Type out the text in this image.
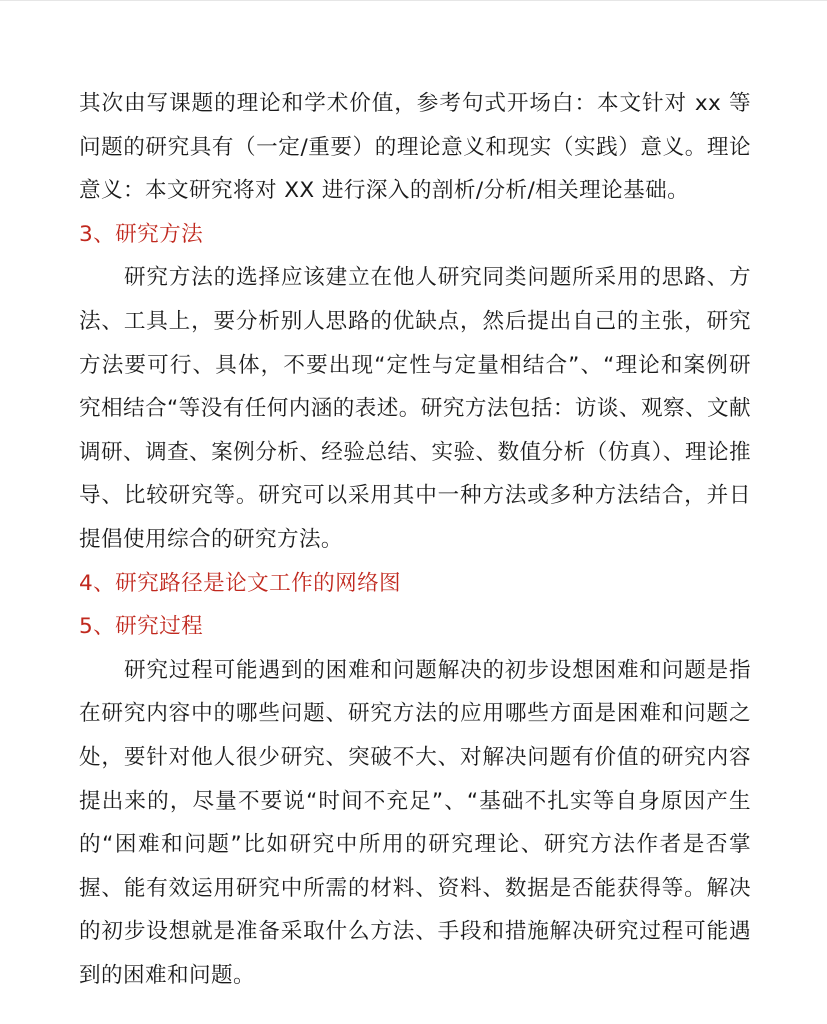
其次由写课题的理论和学术价值，参考句式开场白：本文针对 xx 等问题的研究具有（一定/重要）的理论意义和现实（实践）意义。理论意义：本文研究将对 XX 进行深入的剖析/分析/相关理论基础。

3、研究方法

研究方法的选择应该建立在他人研究同类问题所采用的思路、方法、工具上，要分析别人思路的优缺点，然后提出自己的主张，研究方法要可行、具体，不要出现“定性与定量相结合”、“理论和案例研究相结合“等没有任何内涵的表述。研究方法包括：访谈、观察、文献调研、调查、案例分析、经验总结、实验、数值分析（仿真）、理论推导、比较研究等。研究可以采用其中一种方法或多种方法结合，并日提倡使用综合的研究方法。

4、研究路径是论文工作的网络图

5、研究过程

研究过程可能遇到的困难和问题解决的初步设想困难和问题是指在研究内容中的哪些问题、研究方法的应用哪些方面是困难和问题之处，要针对他人很少研究、突破不大、对解决问题有价值的研究内容提出来的，尽量不要说“时间不充足”、“基础不扎实等自身原因产生的“困难和问题”比如研究中所用的研究理论、研究方法作者是否掌握、能有效运用研究中所需的材料、资料、数据是否能获得等。解决的初步设想就是准备采取什么方法、手段和措施解决研究过程可能遇到的困难和问题。
